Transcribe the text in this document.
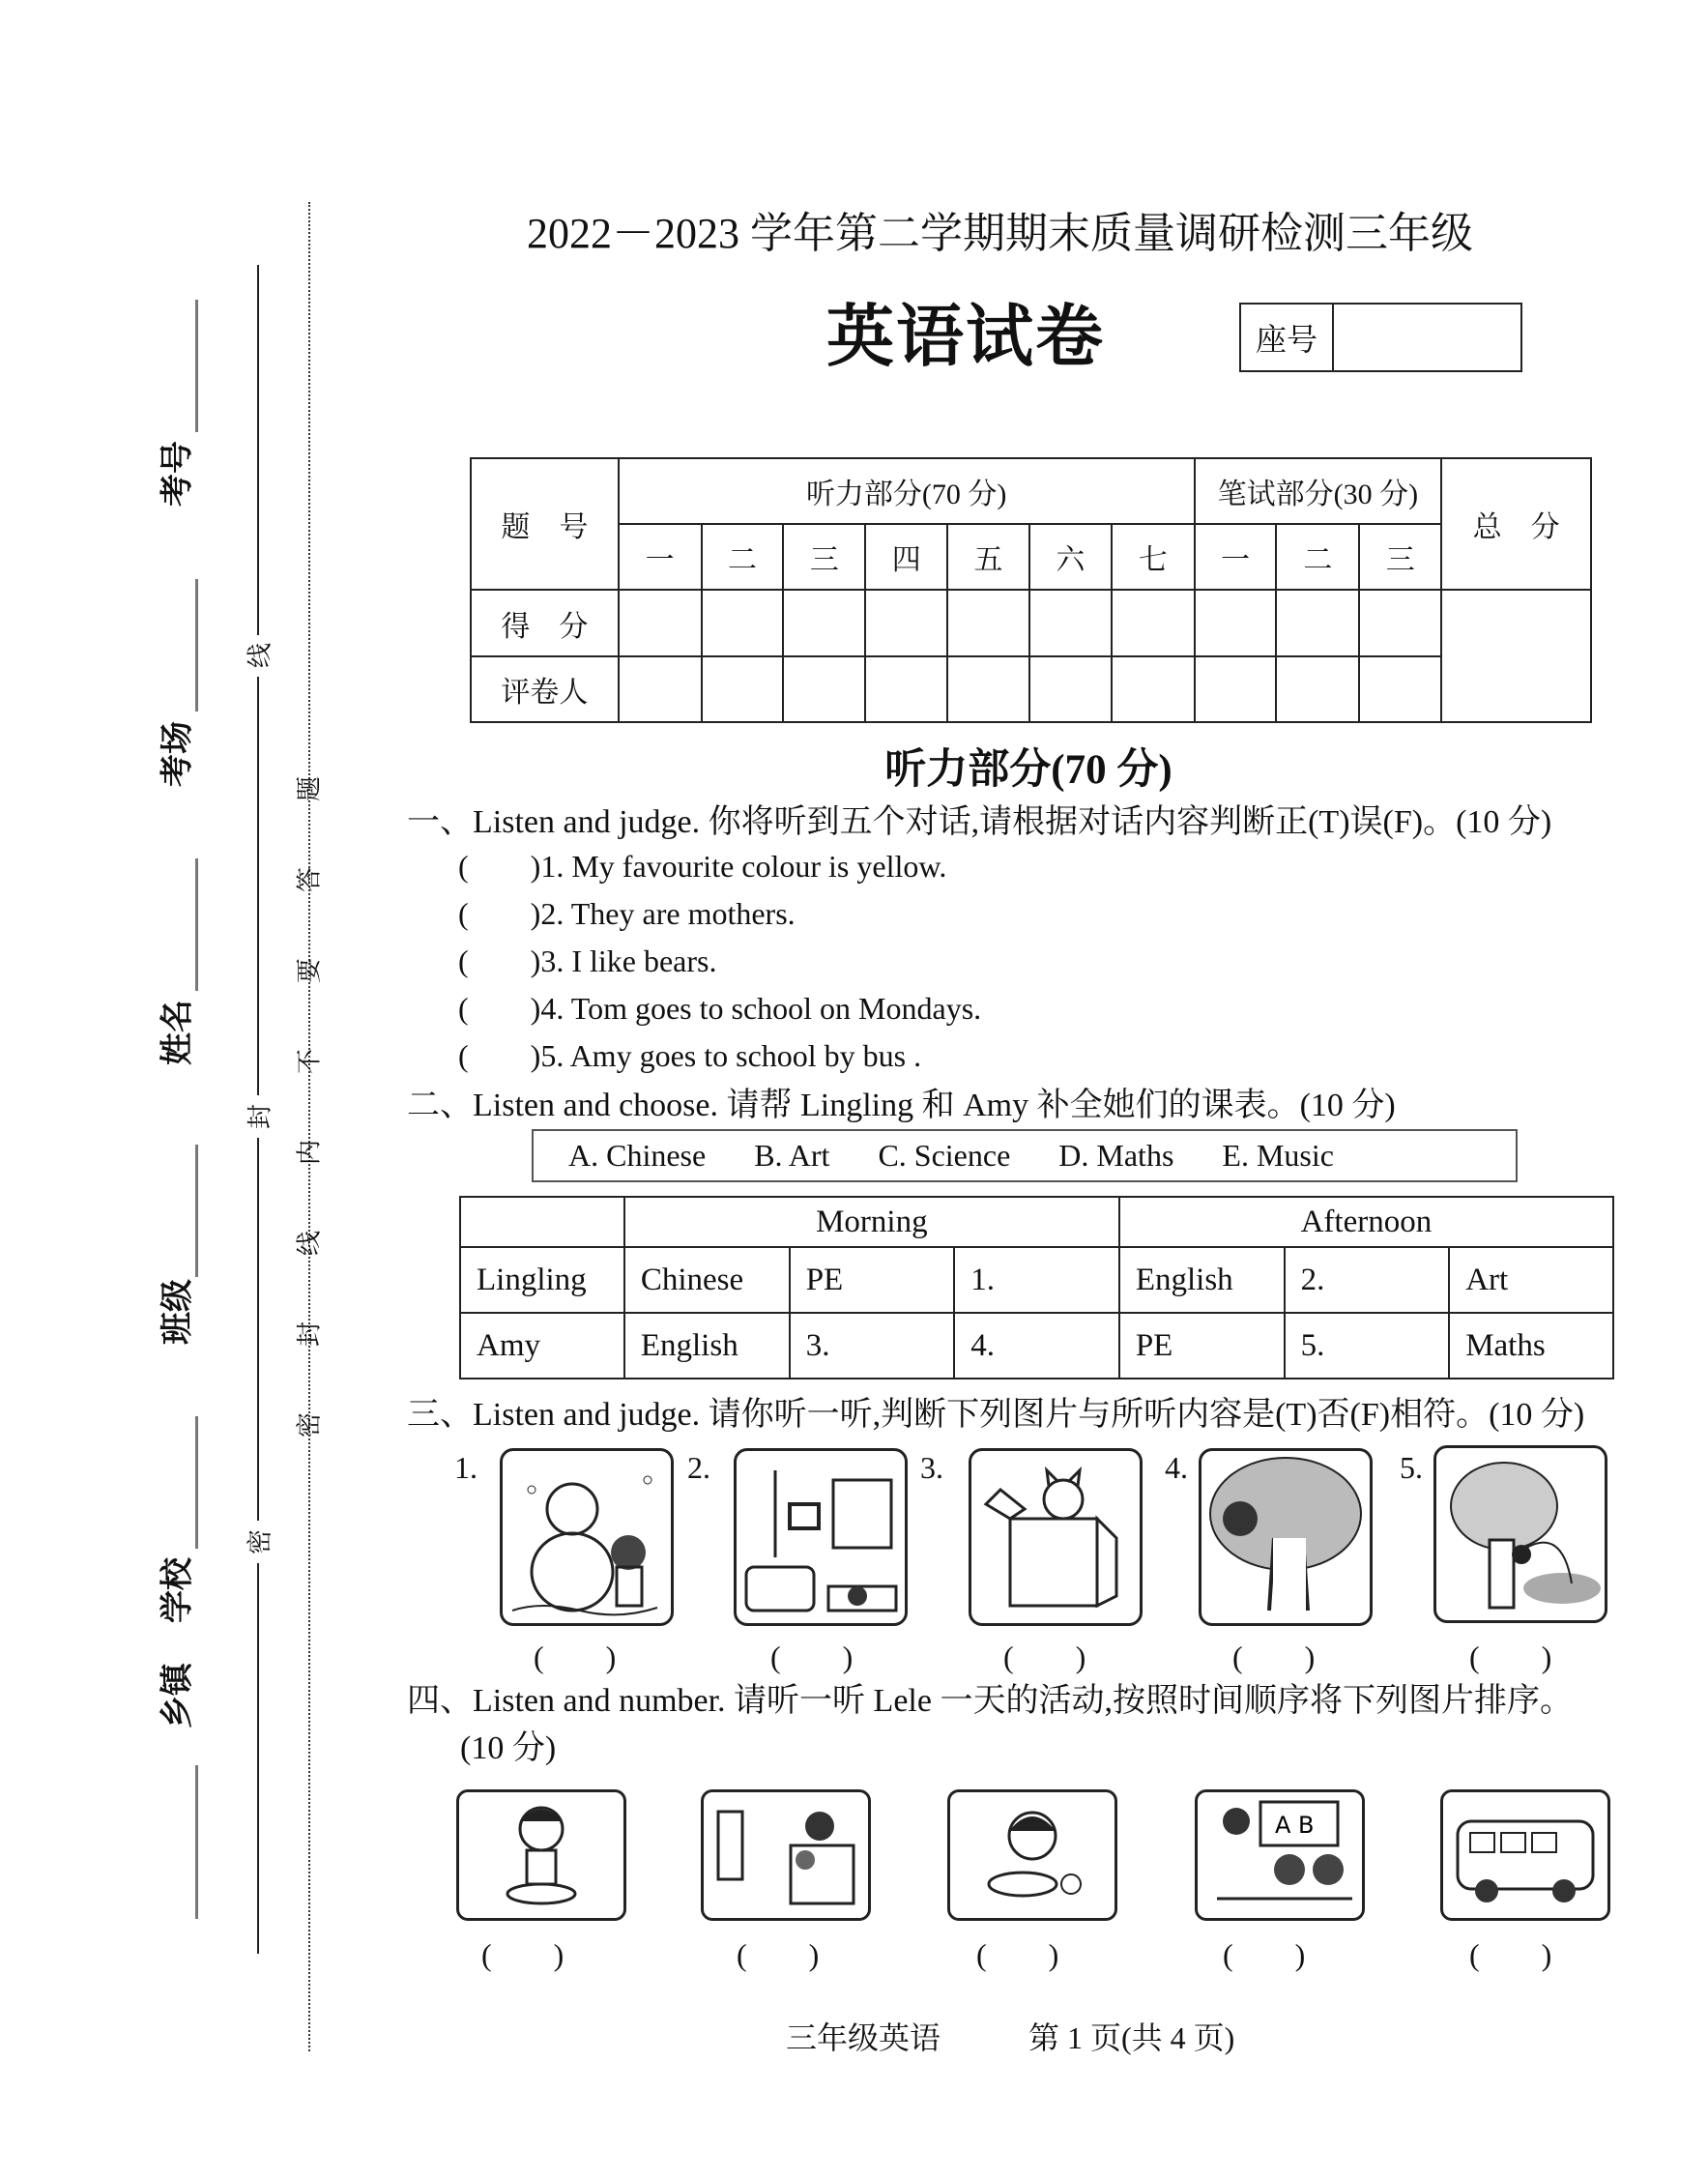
考号
考场
姓名
班级
学校
乡镇
线
封
密
密封线内不要答题
2022－2023 学年第二学期期末质量调研检测三年级
英语试卷	座号
题　号	听力部分(70 分)							笔试部分(30 分)			总　分
	一	二	三	四	五	六	七	一	二	三	
得　分											
评卷人											
听力部分(70 分)
一、Listen and judge. 你将听到五个对话,请根据对话内容判断正(T)误(F)。(10 分)
(　　)1. My favourite colour is yellow.
(　　)2. They are mothers.
(　　)3. I like bears.
(　　)4. Tom goes to school on Mondays.
(　　)5. Amy goes to school by bus .
二、Listen and choose. 请帮 Lingling 和 Amy 补全她们的课表。(10 分)
A. Chinese B. Art C. Science D. Maths E. Music
	Morning			Afternoon		
Lingling	Chinese	PE	1.	English	2.	Art
Amy	English	3.	4.	PE	5.	Maths
三、Listen and judge. 请你听一听,判断下列图片与所听内容是(T)否(F)相符。(10 分)
1.	2.	3.	4.	5.
(　　)	(　　)	(　　)	(　　)	(　　)
四、Listen and number. 请听一听 Lele 一天的活动,按照时间顺序将下列图片排序。
(10 分)
A B
(　　)	(　　)	(　　)	(　　)	(　　)
三年级英语	第 1 页(共 4 页)
